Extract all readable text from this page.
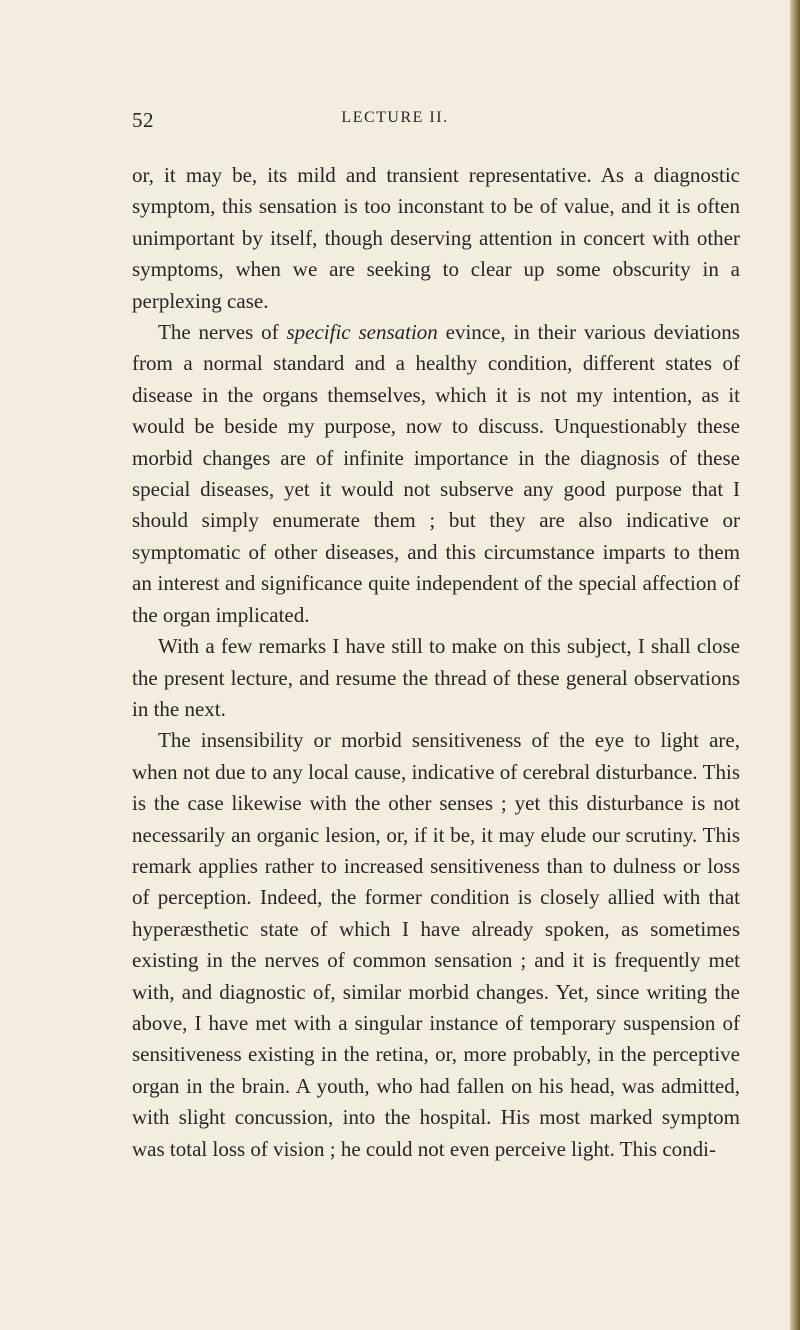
52	LECTURE II.

or, it may be, its mild and transient representative. As a diagnostic symptom, this sensation is too inconstant to be of value, and it is often unimportant by itself, though deserving attention in concert with other symptoms, when we are seeking to clear up some obscurity in a perplexing case.

The nerves of specific sensation evince, in their various deviations from a normal standard and a healthy condition, different states of disease in the organs themselves, which it is not my intention, as it would be beside my purpose, now to discuss. Unquestionably these morbid changes are of infinite importance in the diagnosis of these special diseases, yet it would not subserve any good purpose that I should simply enumerate them ; but they are also indicative or symptomatic of other diseases, and this circumstance imparts to them an interest and significance quite independent of the special affection of the organ implicated.

With a few remarks I have still to make on this subject, I shall close the present lecture, and resume the thread of these general observations in the next.

The insensibility or morbid sensitiveness of the eye to light are, when not due to any local cause, indicative of cerebral disturbance. This is the case likewise with the other senses ; yet this disturbance is not necessarily an organic lesion, or, if it be, it may elude our scrutiny. This remark applies rather to increased sensitiveness than to dulness or loss of perception. Indeed, the former condition is closely allied with that hyperæsthetic state of which I have already spoken, as sometimes existing in the nerves of common sensation ; and it is frequently met with, and diagnostic of, similar morbid changes. Yet, since writing the above, I have met with a singular instance of temporary suspension of sensitiveness existing in the retina, or, more probably, in the perceptive organ in the brain. A youth, who had fallen on his head, was admitted, with slight concussion, into the hospital. His most marked symptom was total loss of vision ; he could not even perceive light. This condi-
